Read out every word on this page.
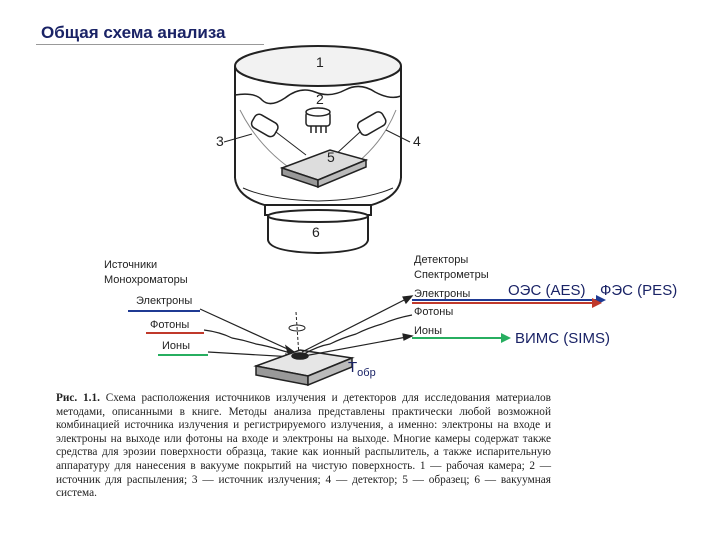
Общая схема анализа
1
2
3	4
5
6
Источники
Монохроматоры
Электроны
Фотоны
Ионы
$T_{обр}$
Детекторы
Спектрометры
Электроны
Фотоны
Ионы
ОЭС (AES) ФЭС (PES)
ВИМС (SIMS)
Рис. 1.1. Схема расположения источников излучения и детекторов для исследования материалов методами, описанными в книге. Методы анализа представлены практически любой возможной комбинацией источника излучения и регистрируемого излучения, а именно: электроны на входе и электроны на выходе или фотоны на входе и электроны на выходе. Многие камеры содержат также средства для эрозии поверхности образца, такие как ионный распылитель, а также испарительную аппаратуру для нанесения в вакууме покрытий на чистую поверхность. 1 — рабочая камера; 2 — источник для распыления; 3 — источник излучения; 4 — детектор; 5 — образец; 6 — вакуумная система.
